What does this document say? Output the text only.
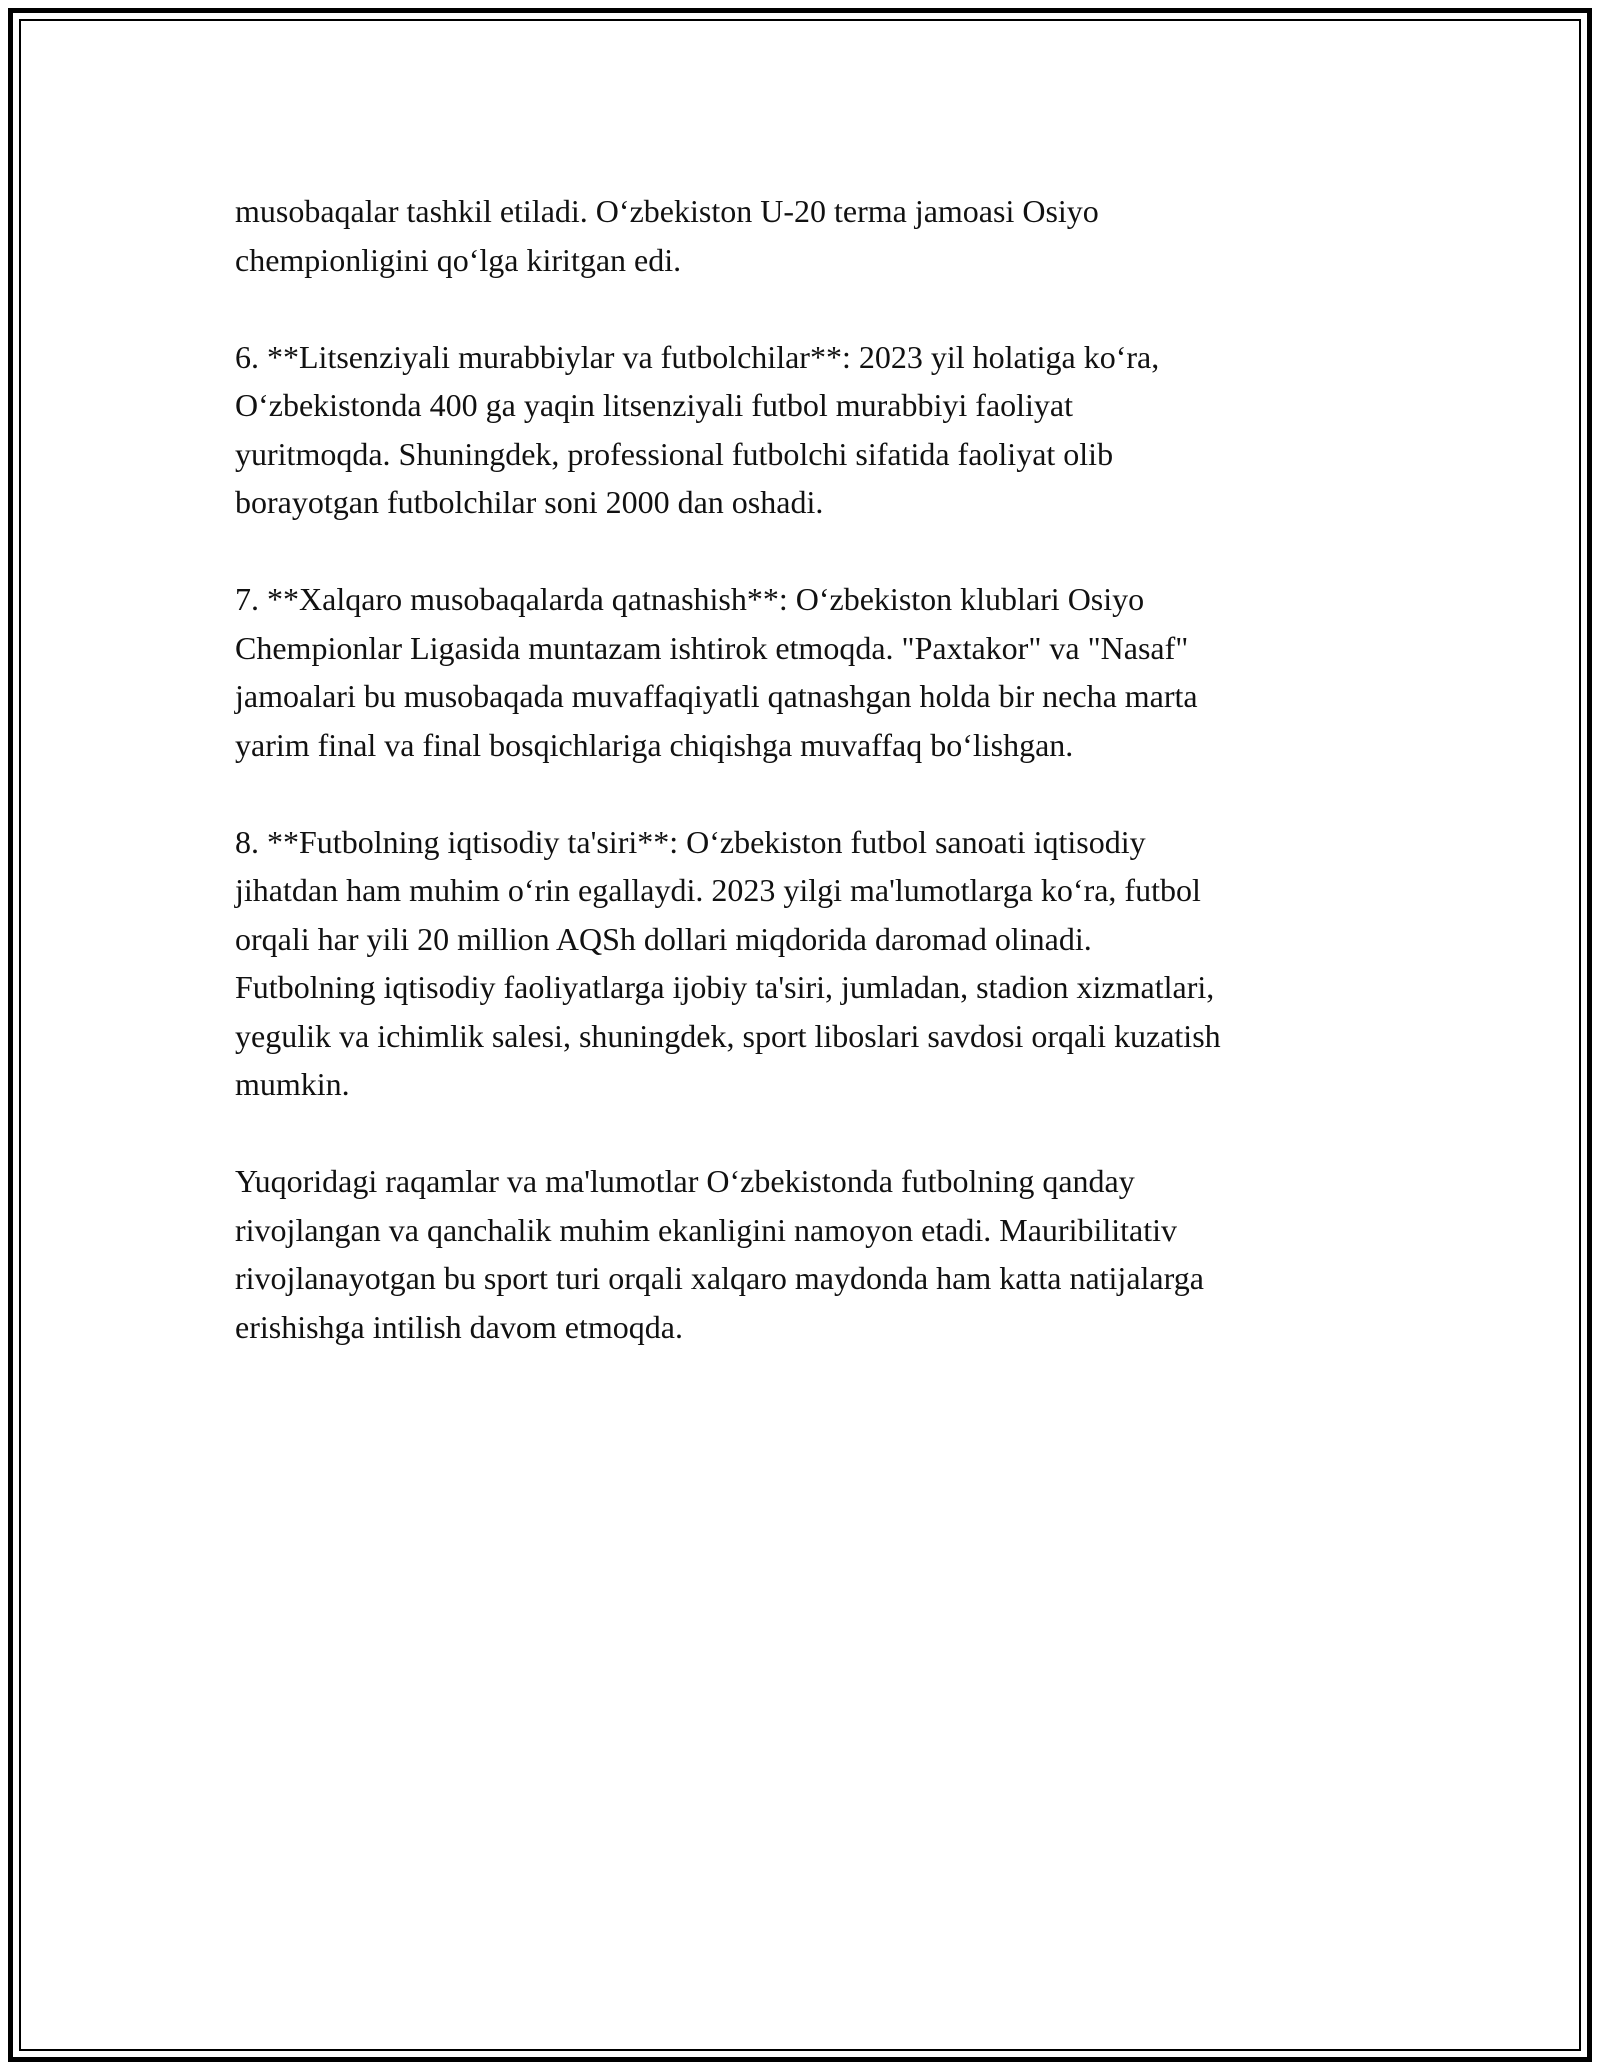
musobaqalar tashkil etiladi. O‘zbekiston U-20 terma jamoasi Osiyo
chempionligini qo‘lga kiritgan edi.

6. **Litsenziyali murabbiylar va futbolchilar**: 2023 yil holatiga ko‘ra,
O‘zbekistonda 400 ga yaqin litsenziyali futbol murabbiyi faoliyat
yuritmoqda. Shuningdek, professional futbolchi sifatida faoliyat olib
borayotgan futbolchilar soni 2000 dan oshadi.

7. **Xalqaro musobaqalarda qatnashish**: O‘zbekiston klublari Osiyo
Chempionlar Ligasida muntazam ishtirok etmoqda. "Paxtakor" va "Nasaf"
jamoalari bu musobaqada muvaffaqiyatli qatnashgan holda bir necha marta
yarim final va final bosqichlariga chiqishga muvaffaq bo‘lishgan.

8. **Futbolning iqtisodiy ta'siri**: O‘zbekiston futbol sanoati iqtisodiy
jihatdan ham muhim o‘rin egallaydi. 2023 yilgi ma'lumotlarga ko‘ra, futbol
orqali har yili 20 million AQSh dollari miqdorida daromad olinadi.
Futbolning iqtisodiy faoliyatlarga ijobiy ta'siri, jumladan, stadion xizmatlari,
yegulik va ichimlik salesi, shuningdek, sport liboslari savdosi orqali kuzatish
mumkin.

Yuqoridagi raqamlar va ma'lumotlar O‘zbekistonda futbolning qanday
rivojlangan va qanchalik muhim ekanligini namoyon etadi. Mauribilitativ
rivojlanayotgan bu sport turi orqali xalqaro maydonda ham katta natijalarga
erishishga intilish davom etmoqda.
